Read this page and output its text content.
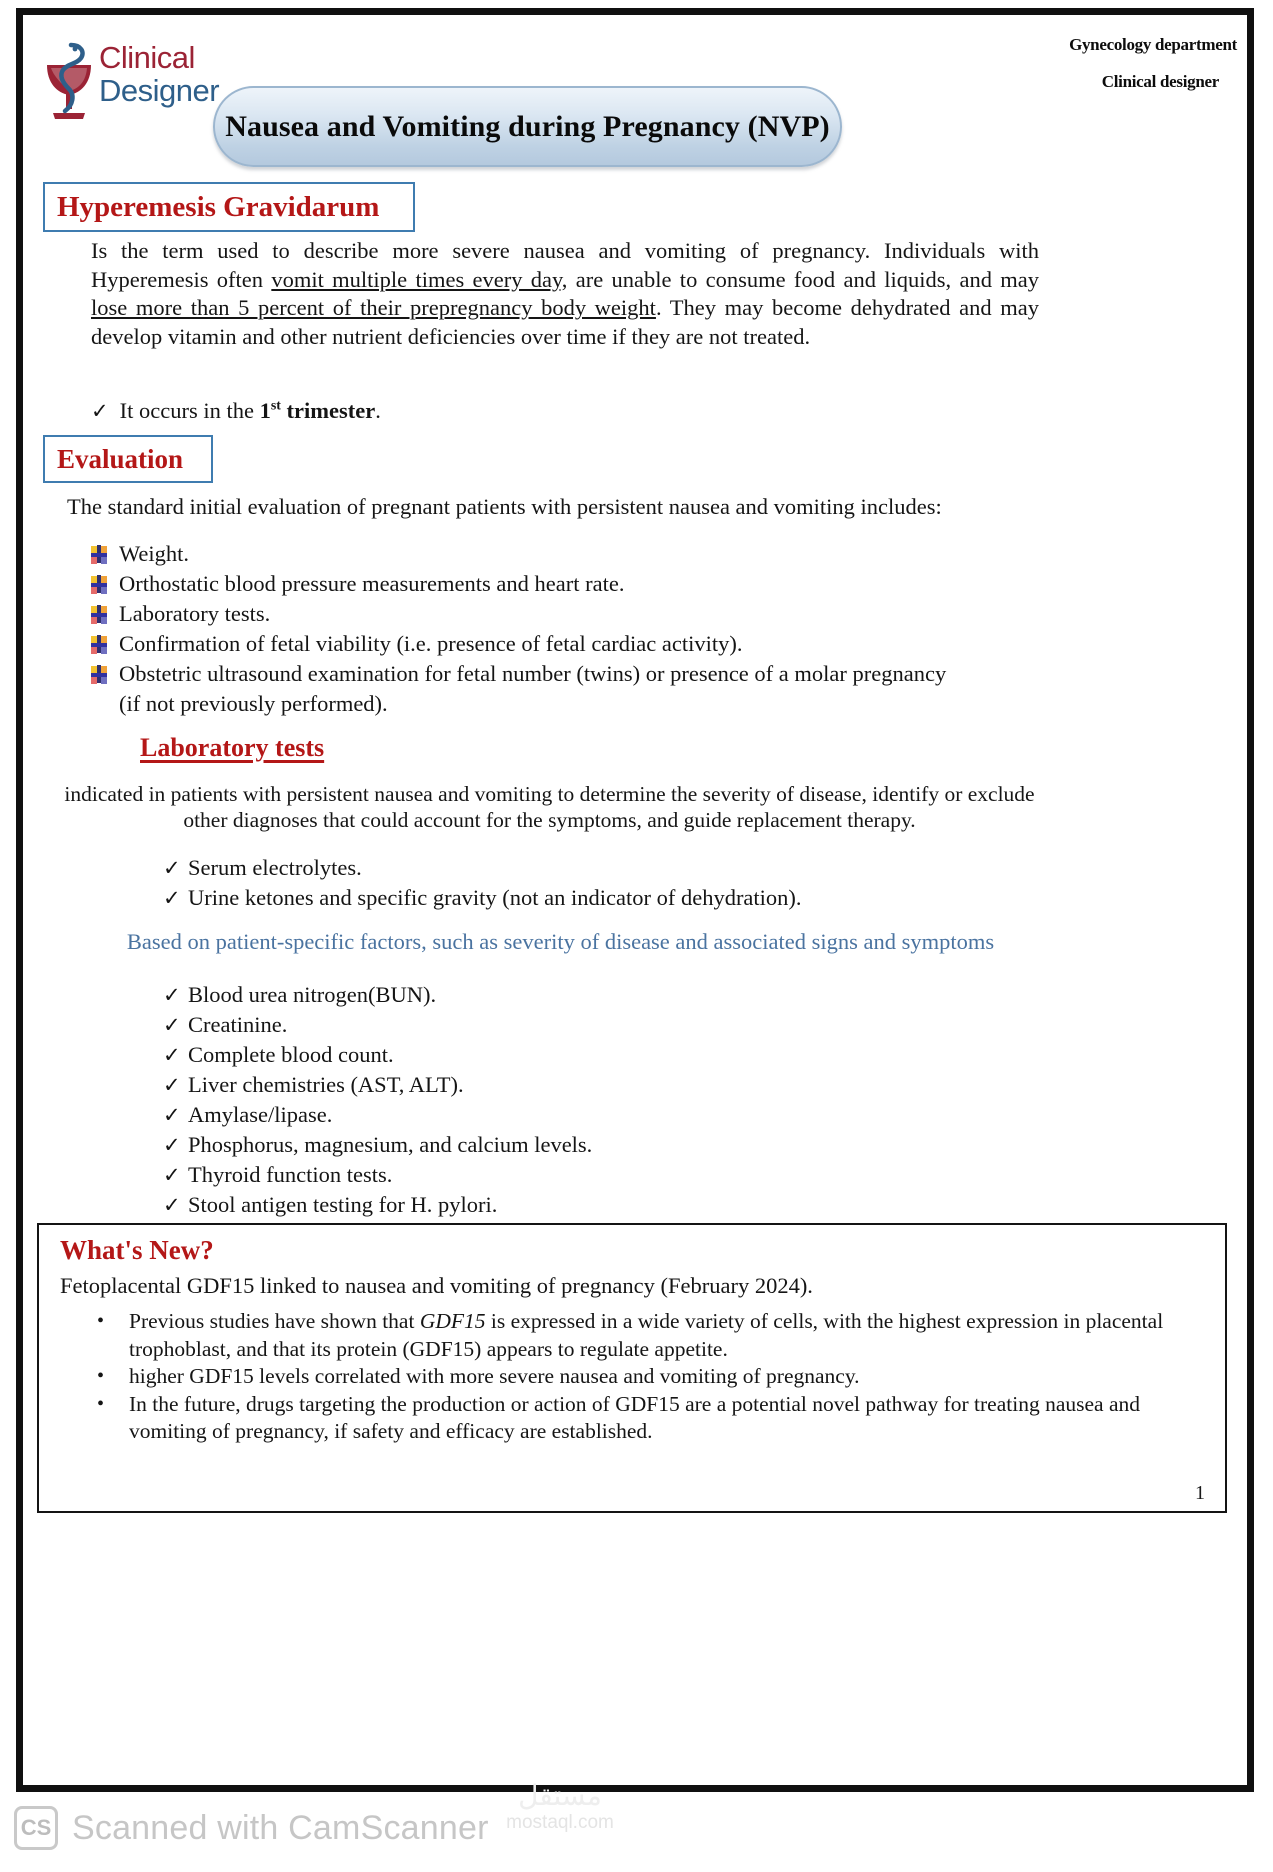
Clinical
Designer
Gynecology department
Clinical designer
Nausea and Vomiting during Pregnancy (NVP)
Hyperemesis Gravidarum
Is the term used to describe more severe nausea and vomiting of pregnancy. Individuals with Hyperemesis often vomit multiple times every day, are unable to consume food and liquids, and may lose more than 5 percent of their prepregnancy body weight. They may become dehydrated and may develop vitamin and other nutrient deficiencies over time if they are not treated.
✓ It occurs in the 1st trimester.
Evaluation
The standard initial evaluation of pregnant patients with persistent nausea and vomiting includes:
Weight.
Orthostatic blood pressure measurements and heart rate.
Laboratory tests.
Confirmation of fetal viability (i.e. presence of fetal cardiac activity).
Obstetric ultrasound examination for fetal number (twins) or presence of a molar pregnancy
(if not previously performed).
Laboratory tests
indicated in patients with persistent nausea and vomiting to determine the severity of disease, identify or exclude other diagnoses that could account for the symptoms, and guide replacement therapy.
✓ Serum electrolytes.
✓ Urine ketones and specific gravity (not an indicator of dehydration).
Based on patient-specific factors, such as severity of disease and associated signs and symptoms
✓ Blood urea nitrogen(BUN).
✓ Creatinine.
✓ Complete blood count.
✓ Liver chemistries (AST, ALT).
✓ Amylase/lipase.
✓ Phosphorus, magnesium, and calcium levels.
✓ Thyroid function tests.
✓ Stool antigen testing for H. pylori.
What's New?
Fetoplacental GDF15 linked to nausea and vomiting of pregnancy (February 2024).
•	Previous studies have shown that GDF15 is expressed in a wide variety of cells, with the highest expression in placental trophoblast, and that its protein (GDF15) appears to regulate appetite.
•	higher GDF15 levels correlated with more severe nausea and vomiting of pregnancy.
•	In the future, drugs targeting the production or action of GDF15 are a potential novel pathway for treating nausea and vomiting of pregnancy, if safety and efficacy are established.
1
CS Scanned with CamScanner
مستقل
mostaql.com
